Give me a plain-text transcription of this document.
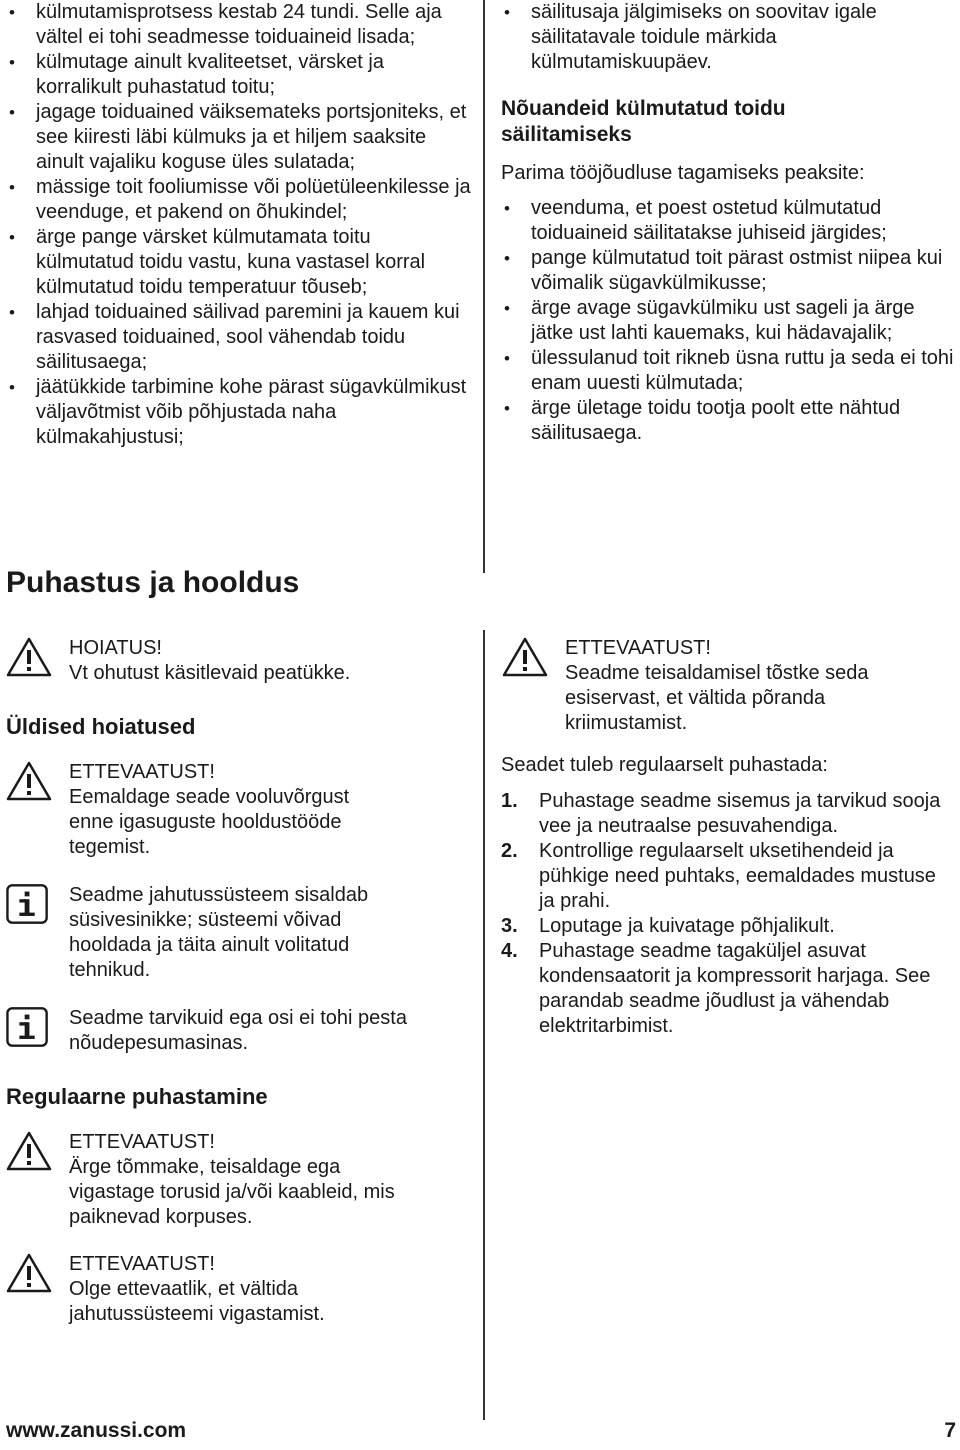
• külmutamisprotsess kestab 24 tundi. Selle aja vältel ei tohi seadmesse toiduaineid lisada;
• külmutage ainult kvaliteetset, värsket ja korralikult puhastatud toitu;
• jagage toiduained väiksemateks portsjoniteks, et see kiiresti läbi külmuks ja et hiljem saaksite ainult vajaliku koguse üles sulatada;
• mässige toit fooliumisse või polüetüleenkilesse ja veenduge, et pakend on õhukindel;
• ärge pange värsket külmutamata toitu külmutatud toidu vastu, kuna vastasel korral külmutatud toidu temperatuur tõuseb;
• lahjad toiduained säilivad paremini ja kauem kui rasvased toiduained, sool vähendab toidu säilitusaega;
• jäätükkide tarbimine kohe pärast sügavkülmikust väljavõtmist võib põhjustada naha külmakahjustusi;
• säilitusaja jälgimiseks on soovitav igale säilitatavale toidule märkida külmutamiskuupäev.
Nõuandeid külmutatud toidu säilitamiseks
Parima tööjõudluse tagamiseks peaksite:
• veenduma, et poest ostetud külmutatud toiduaineid säilitatakse juhiseid järgides;
• pange külmutatud toit pärast ostmist niipea kui võimalik sügavkülmikusse;
• ärge avage sügavkülmiku ust sageli ja ärge jätke ust lahti kauemaks, kui hädavajalik;
• ülessulanud toit rikneb üsna ruttu ja seda ei tohi enam uuesti külmutada;
• ärge ületage toidu tootja poolt ette nähtud säilitusaega.
Puhastus ja hooldus
HOIATUS!
Vt ohutust käsitlevaid peatükke.
Üldised hoiatused
ETTEVAATUST!
Eemaldage seade vooluvõrgust enne igasuguste hooldustööde tegemist.
Seadme jahutussüsteem sisaldab süsivesinikke; süsteemi võivad hooldada ja täita ainult volitatud tehnikud.
Seadme tarvikuid ega osi ei tohi pesta nõudepesumasinas.
Regulaarne puhastamine
ETTEVAATUST!
Ärge tõmmake, teisaldage ega vigastage torusid ja/või kaableid, mis paiknevad korpuses.
ETTEVAATUST!
Olge ettevaatlik, et vältida jahutussüsteemi vigastamist.
ETTEVAATUST!
Seadme teisaldamisel tõstke seda esiservast, et vältida põranda kriimustamist.
Seadet tuleb regulaarselt puhastada:
1. Puhastage seadme sisemus ja tarvikud sooja vee ja neutraalse pesuvahendiga.
2. Kontrollige regulaarselt uksetihendeid ja pühkige need puhtaks, eemaldades mustuse ja prahi.
3. Loputage ja kuivatage põhjalikult.
4. Puhastage seadme tagaküljel asuvat kondensaatorit ja kompressorit harjaga. See parandab seadme jõudlust ja vähendab elektritarbimist.
www.zanussi.com	7
